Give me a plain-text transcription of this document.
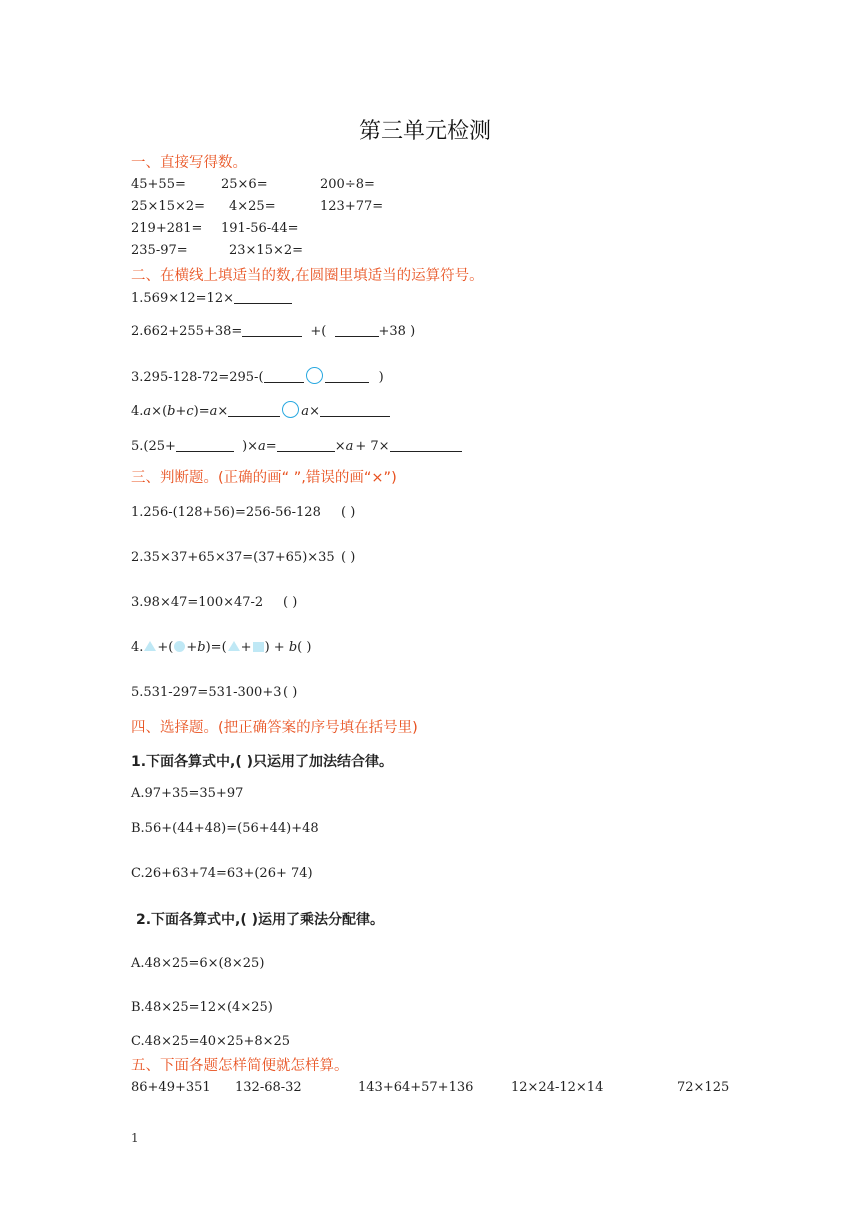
第三单元检测
一、直接写得数。
45+55=	25×6=	200÷8=
25×15×2= 4×25=	123+77=
219+281= 191-56-44=
235-97=	23×15×2=
二、在横线上填适当的数,在圆圈里填适当的运算符号。
1.569×12=12×
2.662+255+38=	+(	+38 )
3.295-128-72=295-(	)
4.a×(b+c)=a×	a×
5.(25+	)×a=	×a + 7×
三、判断题。(正确的画“ ”,错误的画“×”)
1.256-(128+56)=256-56-128 ( )
2.35×37+65×37=(37+65)×35 ( )
3.98×47=100×47-2 ( )
4. +( +b)=( + ) + b( )
5.531-297=531-300+3 ( )
四、选择题。(把正确答案的序号填在括号里)
1.下面各算式中,( )只运用了加法结合律。
A.97+35=35+97
B.56+(44+48)=(56+44)+48
C.26+63+74=63+(26+ 74)
2.下面各算式中,( )运用了乘法分配律。
A.48×25=6×(8×25)
B.48×25=12×(4×25)
C.48×25=40×25+8×25
五、下面各题怎样简便就怎样算。
86+49+351 132-68-32	143+64+57+136	12×24-12×14	72×125
1
